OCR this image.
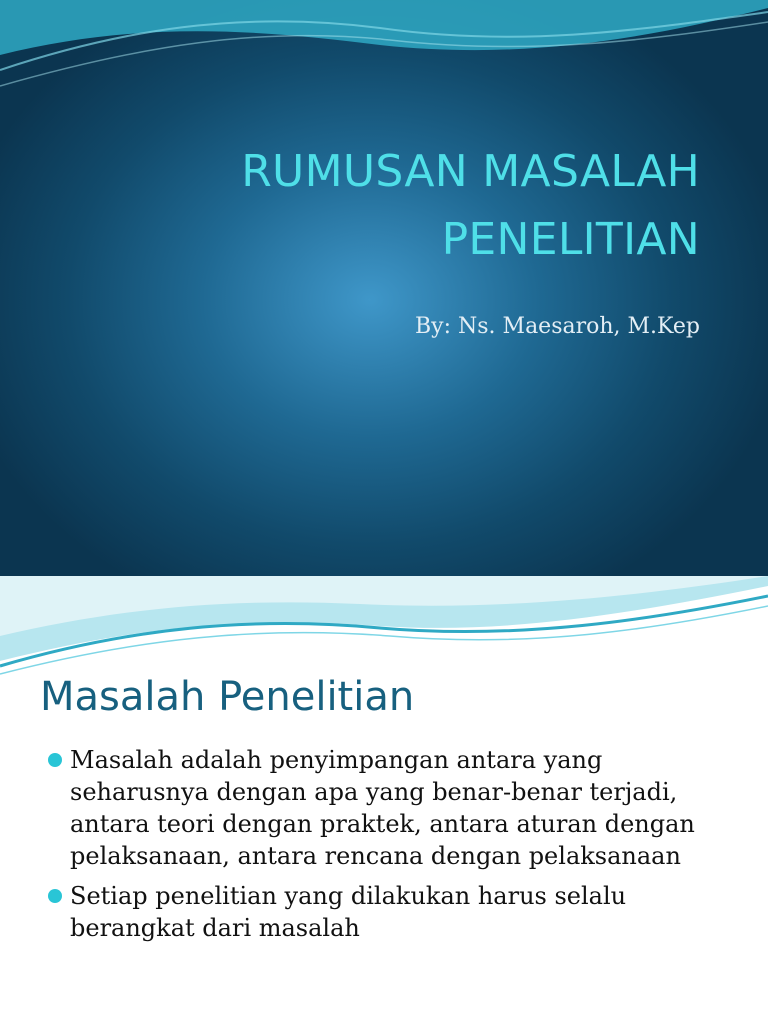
RUMUSAN MASALAH
PENELITIAN
By: Ns. Maesaroh, M.Kep
Masalah Penelitian
Masalah adalah penyimpangan antara yang seharusnya dengan apa yang benar-benar terjadi, antara teori dengan praktek, antara aturan dengan pelaksanaan, antara rencana dengan pelaksanaan
Setiap penelitian yang dilakukan harus selalu berangkat dari masalah
